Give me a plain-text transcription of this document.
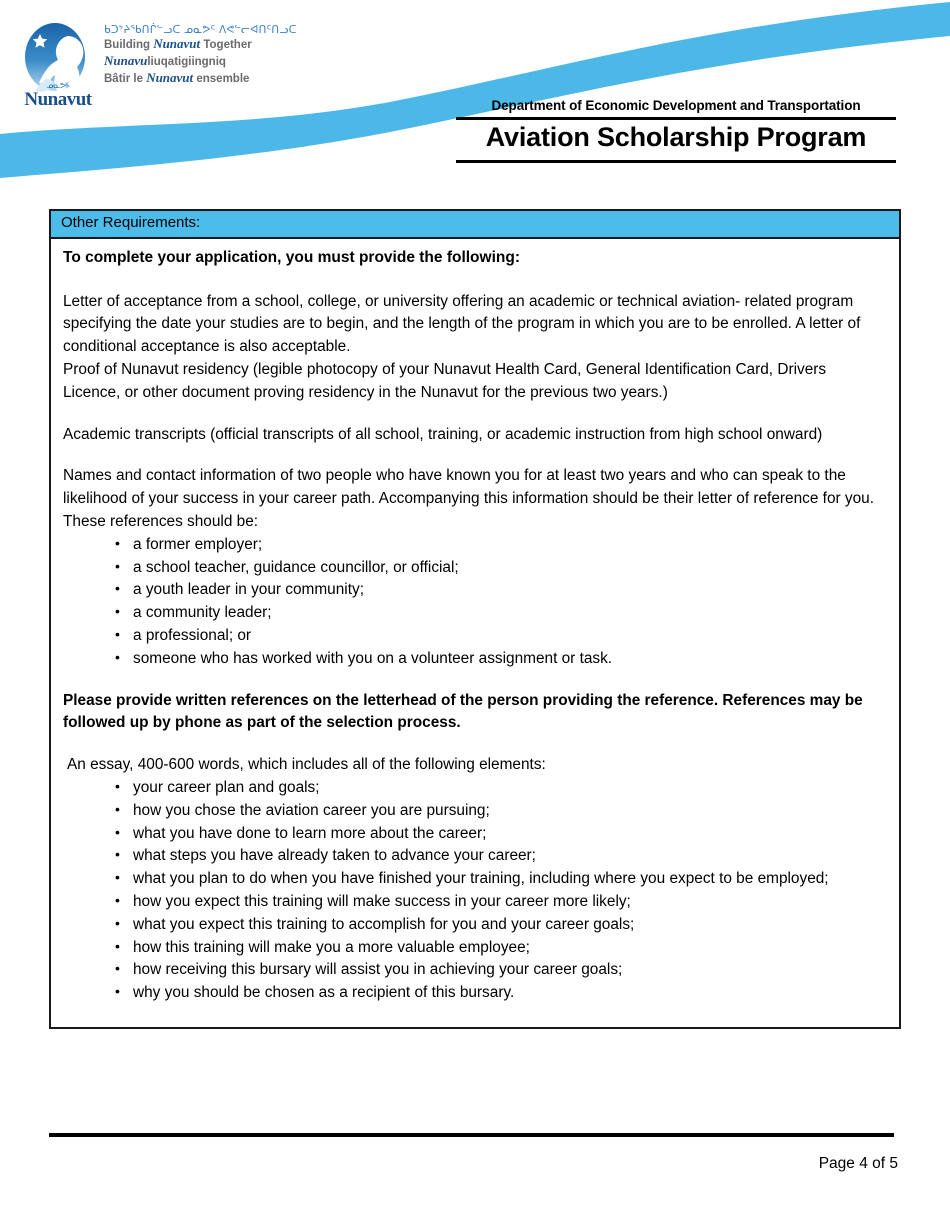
ᓄᓇᕗᑦ
Nunavut
ᑲᑐᔾᔨᖃᑎᒌᓪᓗᑕ ᓄᓇᕗᑦ ᐱᕙᓪᓕᐊᑎᑦᑎᓗᑕ
Building Nunavut Together
Nunavuliuqatigiingniq
Bâtir le Nunavut ensemble
Department of Economic Development and Transportation
Aviation Scholarship Program
Other Requirements:

To complete your application, you must provide the following:

Letter of acceptance from a school, college, or university offering an academic or technical aviation- related program specifying the date your studies are to begin, and the length of the program in which you are to be enrolled. A letter of conditional acceptance is also acceptable.

Proof of Nunavut residency (legible photocopy of your Nunavut Health Card, General Identification Card, Drivers Licence, or other document proving residency in the Nunavut for the previous two years.)

Academic transcripts (official transcripts of all school, training, or academic instruction from high school onward)

Names and contact information of two people who have known you for at least two years and who can speak to the likelihood of your success in your career path. Accompanying this information should be their letter of reference for you. These references should be:

• a former employer;
• a school teacher, guidance councillor, or official;
• a youth leader in your community;
• a community leader;
• a professional; or
• someone who has worked with you on a volunteer assignment or task.

Please provide written references on the letterhead of the person providing the reference. References may be followed up by phone as part of the selection process.

An essay, 400-600 words, which includes all of the following elements:

• your career plan and goals;
• how you chose the aviation career you are pursuing;
• what you have done to learn more about the career;
• what steps you have already taken to advance your career;
• what you plan to do when you have finished your training, including where you expect to be employed;
• how you expect this training will make success in your career more likely;
• what you expect this training to accomplish for you and your career goals;
• how this training will make you a more valuable employee;
• how receiving this bursary will assist you in achieving your career goals;
• why you should be chosen as a recipient of this bursary.
Page 4 of 5
